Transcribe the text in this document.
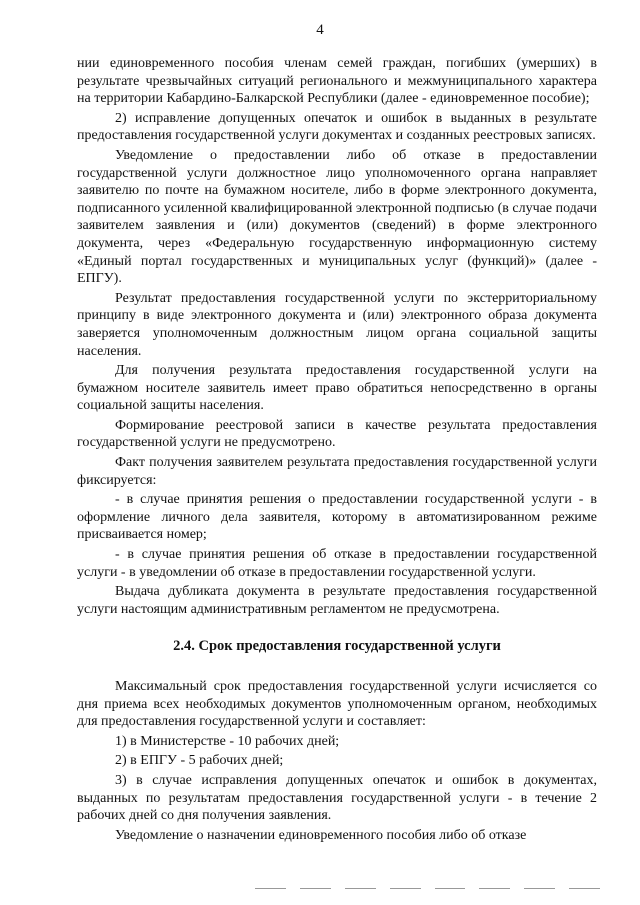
4

нии единовременного пособия членам семей граждан, погибших (умерших) в результате чрезвычайных ситуаций регионального и межмуниципального характера на территории Кабардино-Балкарской Республики (далее - единовременное пособие);

2) исправление допущенных опечаток и ошибок в выданных в результате предоставления государственной услуги документах и созданных реестровых записях.

Уведомление о предоставлении либо об отказе в предоставлении государственной услуги должностное лицо уполномоченного органа направляет заявителю по почте на бумажном носителе, либо в форме электронного документа, подписанного усиленной квалифицированной электронной подписью (в случае подачи заявителем заявления и (или) документов (сведений) в форме электронного документа, через «Федеральную государственную информационную систему «Единый портал государственных и муниципальных услуг (функций)» (далее - ЕПГУ).

Результат предоставления государственной услуги по экстерриториальному принципу в виде электронного документа и (или) электронного образа документа заверяется уполномоченным должностным лицом органа социальной защиты населения.

Для получения результата предоставления государственной услуги на бумажном носителе заявитель имеет право обратиться непосредственно в органы социальной защиты населения.

Формирование реестровой записи в качестве результата предоставления государственной услуги не предусмотрено.

Факт получения заявителем результата предоставления государственной услуги фиксируется:

- в случае принятия решения о предоставлении государственной услуги - в оформление личного дела заявителя, которому в автоматизированном режиме присваивается номер;

- в случае принятия решения об отказе в предоставлении государственной услуги - в уведомлении об отказе в предоставлении государственной услуги.

Выдача дубликата документа в результате предоставления государственной услуги настоящим административным регламентом не предусмотрена.

2.4. Срок предоставления государственной услуги

Максимальный срок предоставления государственной услуги исчисляется со дня приема всех необходимых документов уполномоченным органом, необходимых для предоставления государственной услуги и составляет:

1) в Министерстве - 10 рабочих дней;

2) в ЕПГУ - 5 рабочих дней;

3) в случае исправления допущенных опечаток и ошибок в документах, выданных по результатам предоставления государственной услуги - в течение 2 рабочих дней со дня получения заявления.

Уведомление о назначении единовременного пособия либо об отказе
